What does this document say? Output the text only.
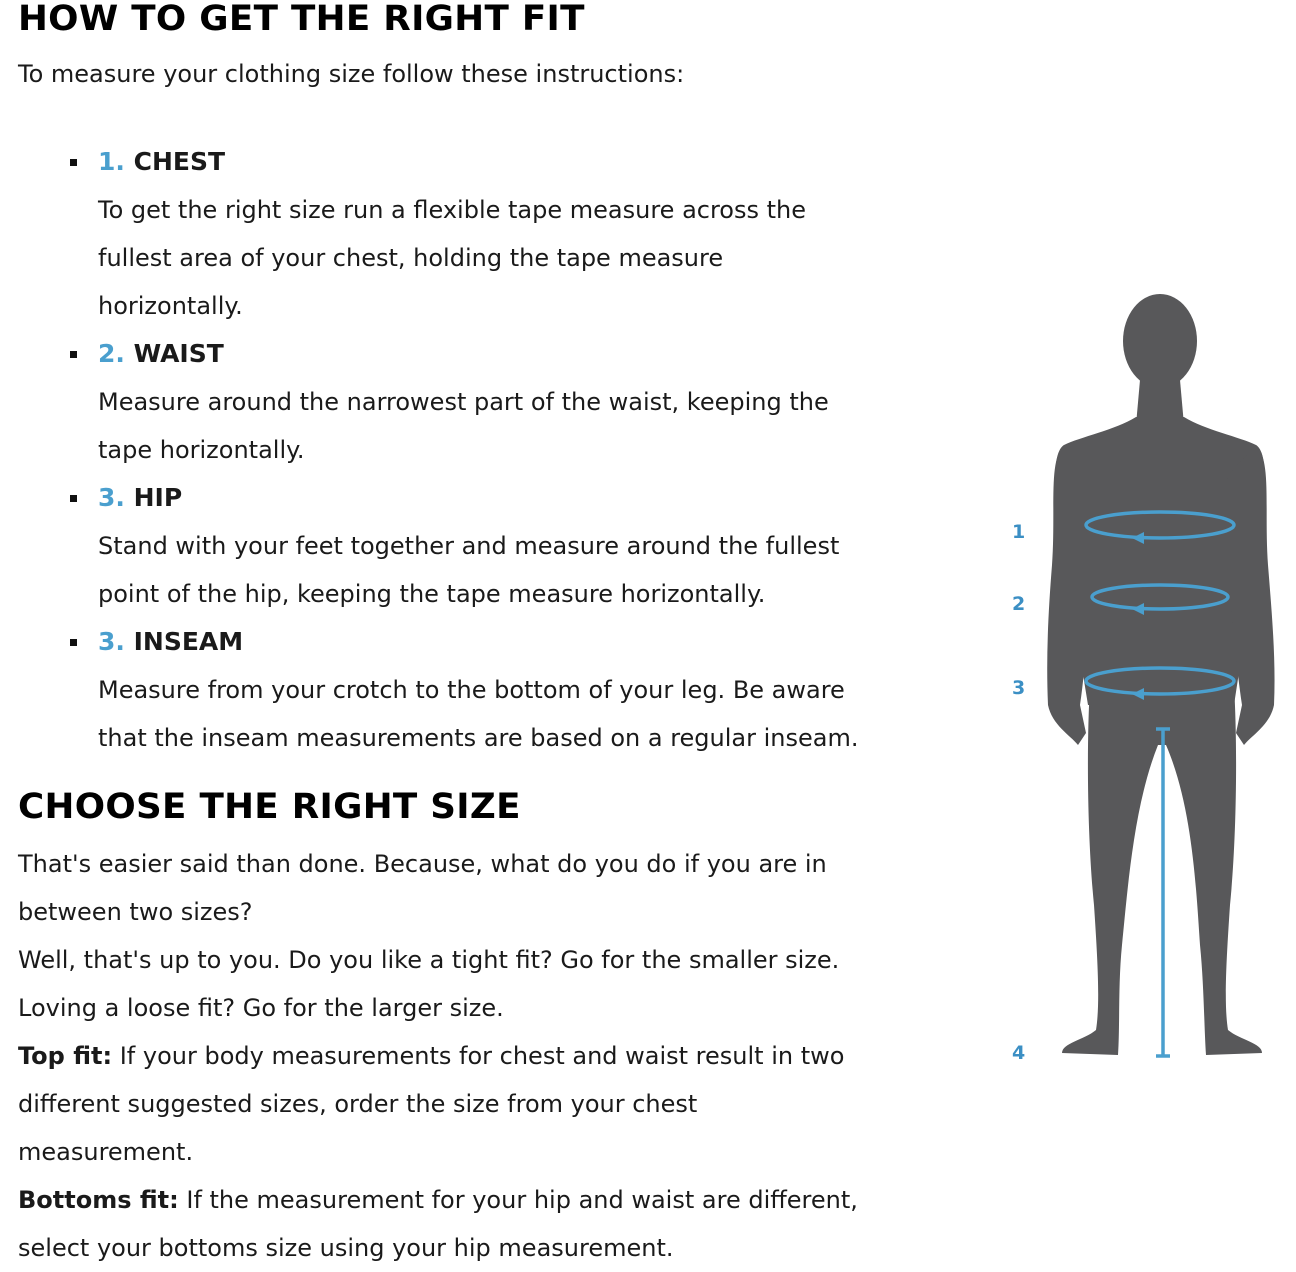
HOW TO GET THE RIGHT FIT
To measure your clothing size follow these instructions:
1. CHEST
To get the right size run a flexible tape measure across the fullest area of your chest, holding the tape measure horizontally.
2. WAIST
Measure around the narrowest part of the waist, keeping the tape horizontally.
3. HIP
Stand with your feet together and measure around the fullest point of the hip, keeping the tape measure horizontally.
3. INSEAM
Measure from your crotch to the bottom of your leg. Be aware that the inseam measurements are based on a regular inseam.
CHOOSE THE RIGHT SIZE
That's easier said than done. Because, what do you do if you are in between two sizes?
Well, that's up to you. Do you like a tight fit? Go for the smaller size. Loving a loose fit? Go for the larger size.
Top fit: If your body measurements for chest and waist result in two different suggested sizes, order the size from your chest measurement.
Bottoms fit: If the measurement for your hip and waist are different, select your bottoms size using your hip measurement.
1
2
3
4
